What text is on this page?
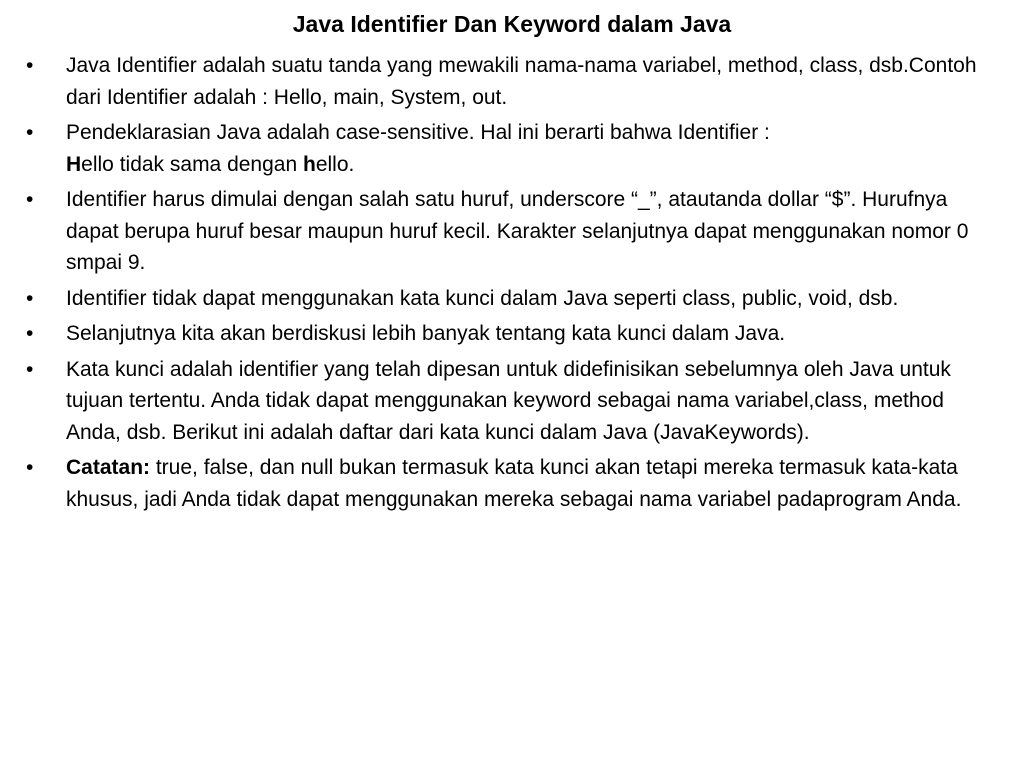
Java Identifier Dan Keyword dalam Java
•	Java Identifier adalah suatu tanda yang mewakili nama-nama variabel, method, class, dsb.Contoh dari Identifier adalah : Hello, main, System, out.
•	Pendeklarasian Java adalah case-sensitive. Hal ini berarti bahwa Identifier :
Hello tidak sama dengan hello.
•	Identifier harus dimulai dengan salah satu huruf, underscore “_”, atautanda dollar “$”. Hurufnya dapat berupa huruf besar maupun huruf kecil. Karakter selanjutnya dapat menggunakan nomor 0 smpai 9.
•	Identifier tidak dapat menggunakan kata kunci dalam Java seperti class, public, void, dsb.
•	Selanjutnya kita akan berdiskusi lebih banyak tentang kata kunci dalam Java.
•	Kata kunci adalah identifier yang telah dipesan untuk didefinisikan sebelumnya oleh Java untuk tujuan tertentu. Anda tidak dapat menggunakan keyword sebagai nama variabel,class, method Anda, dsb. Berikut ini adalah daftar dari kata kunci dalam Java (JavaKeywords).
•	Catatan: true, false, dan null bukan termasuk kata kunci akan tetapi mereka termasuk kata-kata khusus, jadi Anda tidak dapat menggunakan mereka sebagai nama variabel padaprogram Anda.
